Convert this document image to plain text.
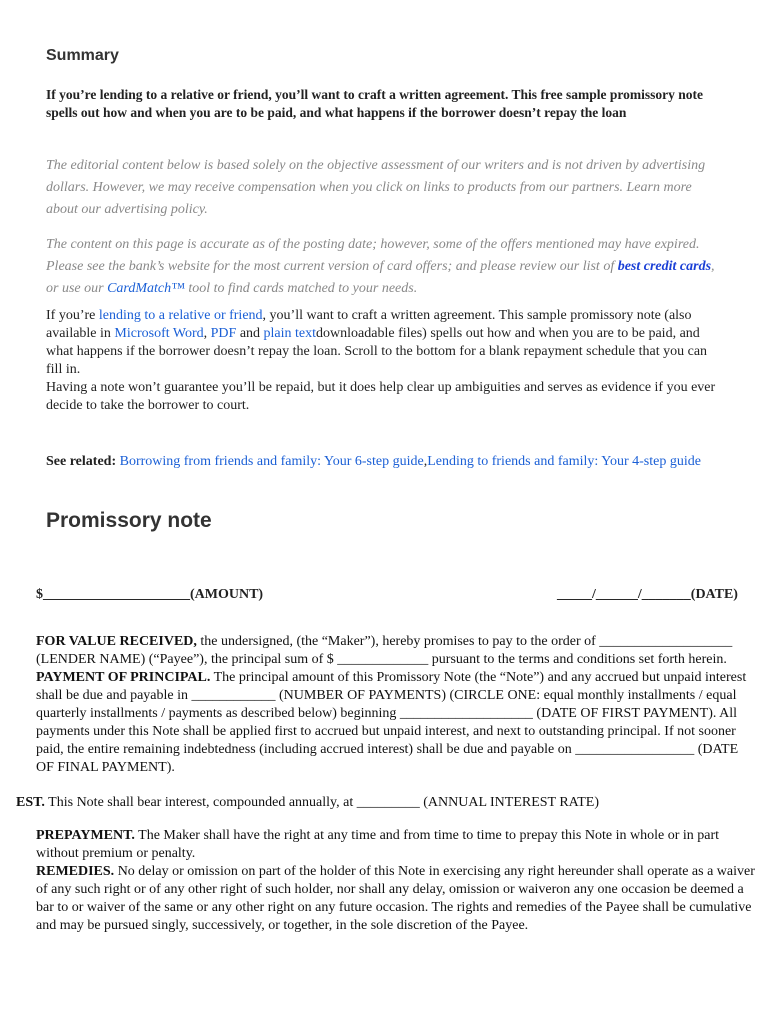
Summary
If you’re lending to a relative or friend, you’ll want to craft a written agreement. This free sample promissory note spells out how and when you are to be paid, and what happens if the borrower doesn’t repay the loan
The editorial content below is based solely on the objective assessment of our writers and is not driven by advertising dollars. However, we may receive compensation when you click on links to products from our partners. Learn more about our advertising policy.
The content on this page is accurate as of the posting date; however, some of the offers mentioned may have expired. Please see the bank’s website for the most current version of card offers; and please review our list of best credit cards, or use our CardMatch™ tool to find cards matched to your needs.
If you’re lending to a relative or friend, you’ll want to craft a written agreement. This sample promissory note (also available in Microsoft Word, PDF and plain textdownloadable files) spells out how and when you are to be paid, and what happens if the borrower doesn’t repay the loan. Scroll to the bottom for a blank repayment schedule that you can fill in.
Having a note won’t guarantee you’ll be repaid, but it does help clear up ambiguities and serves as evidence if you ever decide to take the borrower to court.
See related: Borrowing from friends and family: Your 6-step guide,Lending to friends and family: Your 4-step guide
Promissory note
$_____________________(AMOUNT)	_____/______/_______(DATE)
FOR VALUE RECEIVED, the undersigned, (the “Maker”), hereby promises to pay to the order of ___________________ (LENDER NAME) (“Payee”), the principal sum of $ _____________ pursuant to the terms and conditions set forth herein.
PAYMENT OF PRINCIPAL. The principal amount of this Promissory Note (the “Note”) and any accrued but unpaid interest shall be due and payable in ____________ (NUMBER OF PAYMENTS) (CIRCLE ONE: equal monthly installments / equal quarterly installments / payments as described below) beginning ___________________ (DATE OF FIRST PAYMENT). All payments under this Note shall be applied first to accrued but unpaid interest, and next to outstanding principal. If not sooner paid, the entire remaining indebtedness (including accrued interest) shall be due and payable on _________________ (DATE OF FINAL PAYMENT).
EST. This Note shall bear interest, compounded annually, at _________ (ANNUAL INTEREST RATE)
PREPAYMENT. The Maker shall have the right at any time and from time to time to prepay this Note in whole or in part without premium or penalty.
REMEDIES. No delay or omission on part of the holder of this Note in exercising any right hereunder shall operate as a waiver of any such right or of any other right of such holder, nor shall any delay, omission or waiveron any one occasion be deemed a bar to or waiver of the same or any other right on any future occasion. The rights and remedies of the Payee shall be cumulative and may be pursued singly, successively, or together, in the sole discretion of the Payee.
